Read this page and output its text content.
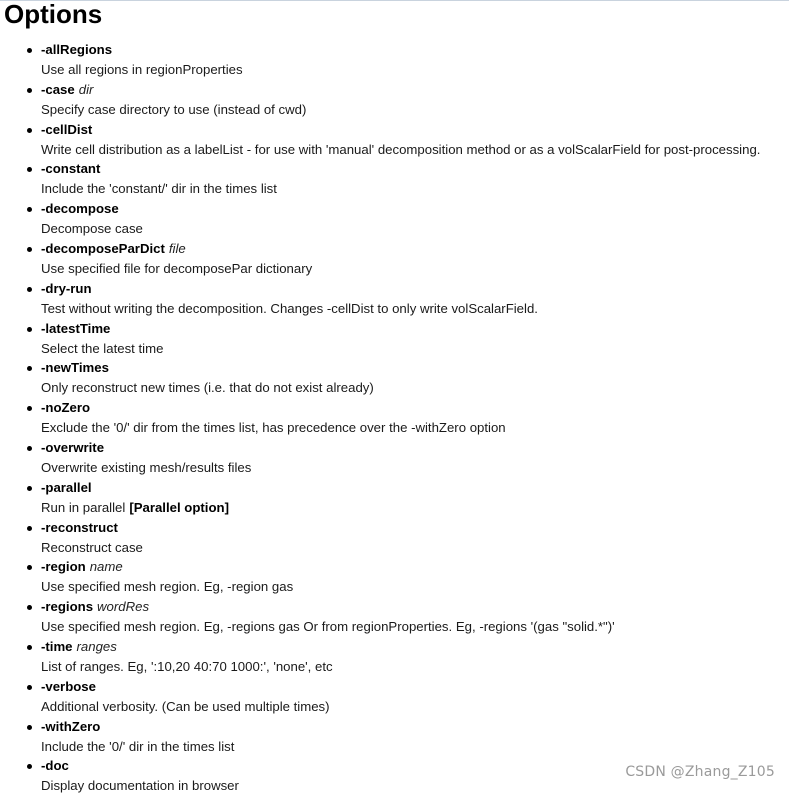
Options
-allRegions
Use all regions in regionProperties
-case dir
Specify case directory to use (instead of cwd)
-cellDist
Write cell distribution as a labelList - for use with 'manual' decomposition method or as a volScalarField for post-processing.
-constant
Include the 'constant/' dir in the times list
-decompose
Decompose case
-decomposeParDict file
Use specified file for decomposePar dictionary
-dry-run
Test without writing the decomposition. Changes -cellDist to only write volScalarField.
-latestTime
Select the latest time
-newTimes
Only reconstruct new times (i.e. that do not exist already)
-noZero
Exclude the '0/' dir from the times list, has precedence over the -withZero option
-overwrite
Overwrite existing mesh/results files
-parallel
Run in parallel [Parallel option]
-reconstruct
Reconstruct case
-region name
Use specified mesh region. Eg, -region gas
-regions wordRes
Use specified mesh region. Eg, -regions gas Or from regionProperties. Eg, -regions '(gas "solid.*")'
-time ranges
List of ranges. Eg, ':10,20 40:70 1000:', 'none', etc
-verbose
Additional verbosity. (Can be used multiple times)
-withZero
Include the '0/' dir in the times list
-doc
Display documentation in browser
CSDN @Zhang_Z105
